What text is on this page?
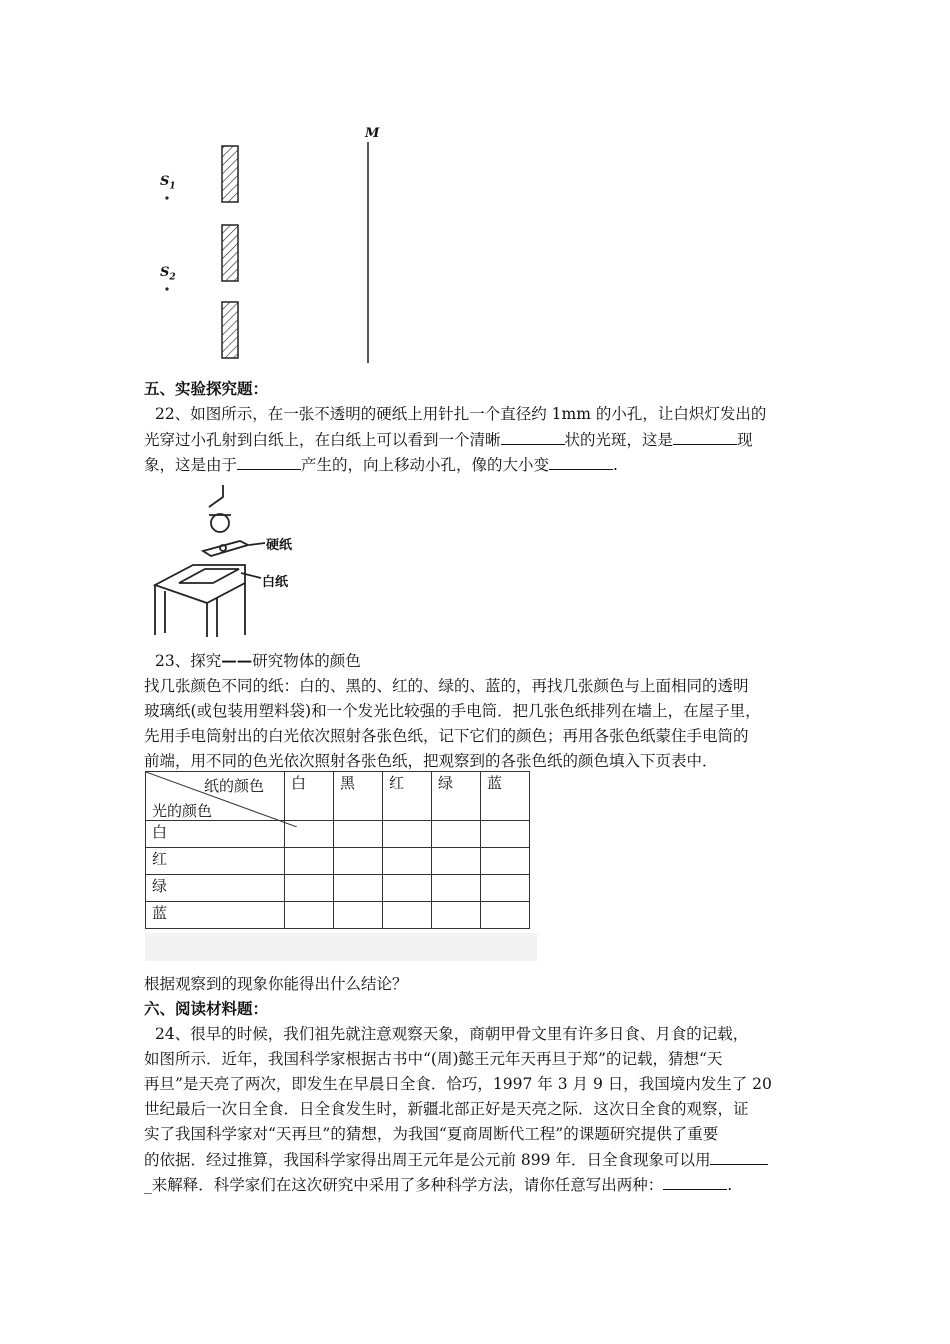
M
$S_1$
$S_2$
五、实验探究题：
22、如图所示，在一张不透明的硬纸上用针扎一个直径约 1mm 的小孔，让白炽灯发出的
光穿过小孔射到白纸上，在白纸上可以看到一个清晰	状的光斑，这是	现
象，这是由于	产生的，向上移动小孔，像的大小变	.
硬纸
白纸
23、探究——研究物体的颜色
找几张颜色不同的纸：白的、黑的、红的、绿的、蓝的，再找几张颜色与上面相同的透明
玻璃纸(或包装用塑料袋)和一个发光比较强的手电筒．把几张色纸排列在墙上，在屋子里，
先用手电筒射出的白光依次照射各张色纸，记下它们的颜色；再用各张色纸蒙住手电筒的
前端，用不同的色光依次照射各张色纸，把观察到的各张色纸的颜色填入下页表中．
纸的颜色
光的颜色	白	黑	红	绿	蓝
白					
红					
绿					
蓝					
根据观察到的现象你能得出什么结论？
六、阅读材料题：
24、很早的时候，我们祖先就注意观察天象，商朝甲骨文里有许多日食、月食的记载，
如图所示．近年，我国科学家根据古书中“(周)懿王元年天再旦于郑”的记载，猜想“天
再旦”是天亮了两次，即发生在早晨日全食．恰巧，1997 年 3 月 9 日，我国境内发生了 20
世纪最后一次日全食．日全食发生时，新疆北部正好是天亮之际．这次日全食的观察，证
实了我国科学家对“天再旦”的猜想，为我国“夏商周断代工程”的课题研究提供了重要
的依据．经过推算，我国科学家得出周王元年是公元前 899 年．日全食现象可以用
_来解释．科学家们在这次研究中采用了多种科学方法，请你任意写出两种：	.
